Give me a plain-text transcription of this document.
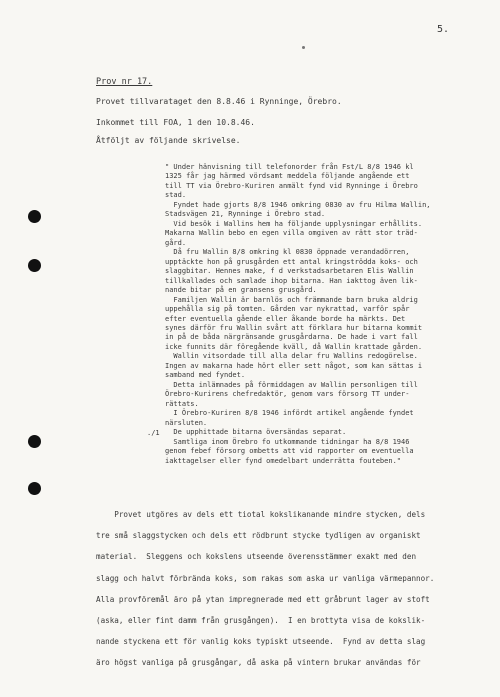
5.
Prov nr 17.
Provet tillvarataget den 8.8.46 i Rynninge, Örebro.
Inkommet till FOA, 1 den 10.8.46.
Åtföljt av följande skrivelse.
./1
" Under hänvisning till telefonorder från Fst/L 8/8 1946 kl
1325 får jag härmed vördsamt meddela följande angående ett
till TT via Örebro-Kuriren anmält fynd vid Rynninge i Örebro
stad.
Fyndet hade gjorts 8/8 1946 omkring 0830 av fru Hilma Wallin,
Stadsvägen 21, Rynninge i Örebro stad.
Vid besök i Wallins hem ha följande upplysningar erhållits.
Makarna Wallin bebo en egen villa omgiven av rätt stor träd-
gård.
Då fru Wallin 8/8 omkring kl 0830 öppnade verandadörren,
upptäckte hon på grusgården ett antal kringströdda koks- och
slaggbitar. Hennes make, f d verkstadsarbetaren Elis Wallin
tillkallades och samlade ihop bitarna. Han iakttog även lik-
nande bitar på en gransens grusgård.
Familjen Wallin är barnlös och främmande barn bruka aldrig
uppehålla sig på tomten. Gården var nykrattad, varför spår
efter eventuella gående eller åkande borde ha märkts. Det
synes därför fru Wallin svårt att förklara hur bitarna kommit
in på de båda närgränsande grusgårdarna. De hade i vart fall
icke funnits där föregående kväll, då Wallin krattade gården.
Wallin vitsordade till alla delar fru Wallins redogörelse.
Ingen av makarna hade hört eller sett något, som kan sättas i
samband med fyndet.
Detta inlämnades på förmiddagen av Wallin personligen till
Örebro-Kurirens chefredaktör, genom vars försorg TT under-
rättats.
I Örebro-Kuriren 8/8 1946 infördt artikel angående fyndet
närsluten.
De upphittade bitarna översändas separat.
Samtliga inom Örebro fo utkommande tidningar ha 8/8 1946
genom febef försorg ombetts att vid rapporter om eventuella
iakttagelser eller fynd omedelbart underrätta fouteben."
Provet utgöres av dels ett tiotal kokslikanande mindre stycken, dels
tre små slaggstycken och dels ett rödbrunt stycke tydligen av organiskt
material.  Sleggens och kokslens utseende överensstämmer exakt med den
slagg och halvt förbrända koks, som rakas som aska ur vanliga värmepannor.
Alla provföremål äro på ytan impregnerade med ett gråbrunt lager av stoft
(aska, eller fint damm från grusgången).  I en brottyta visa de kokslik-
nande styckena ett för vanlig koks typiskt utseende.  Fynd av detta slag
äro högst vanliga på grusgångar, då aska på vintern brukar användas för
